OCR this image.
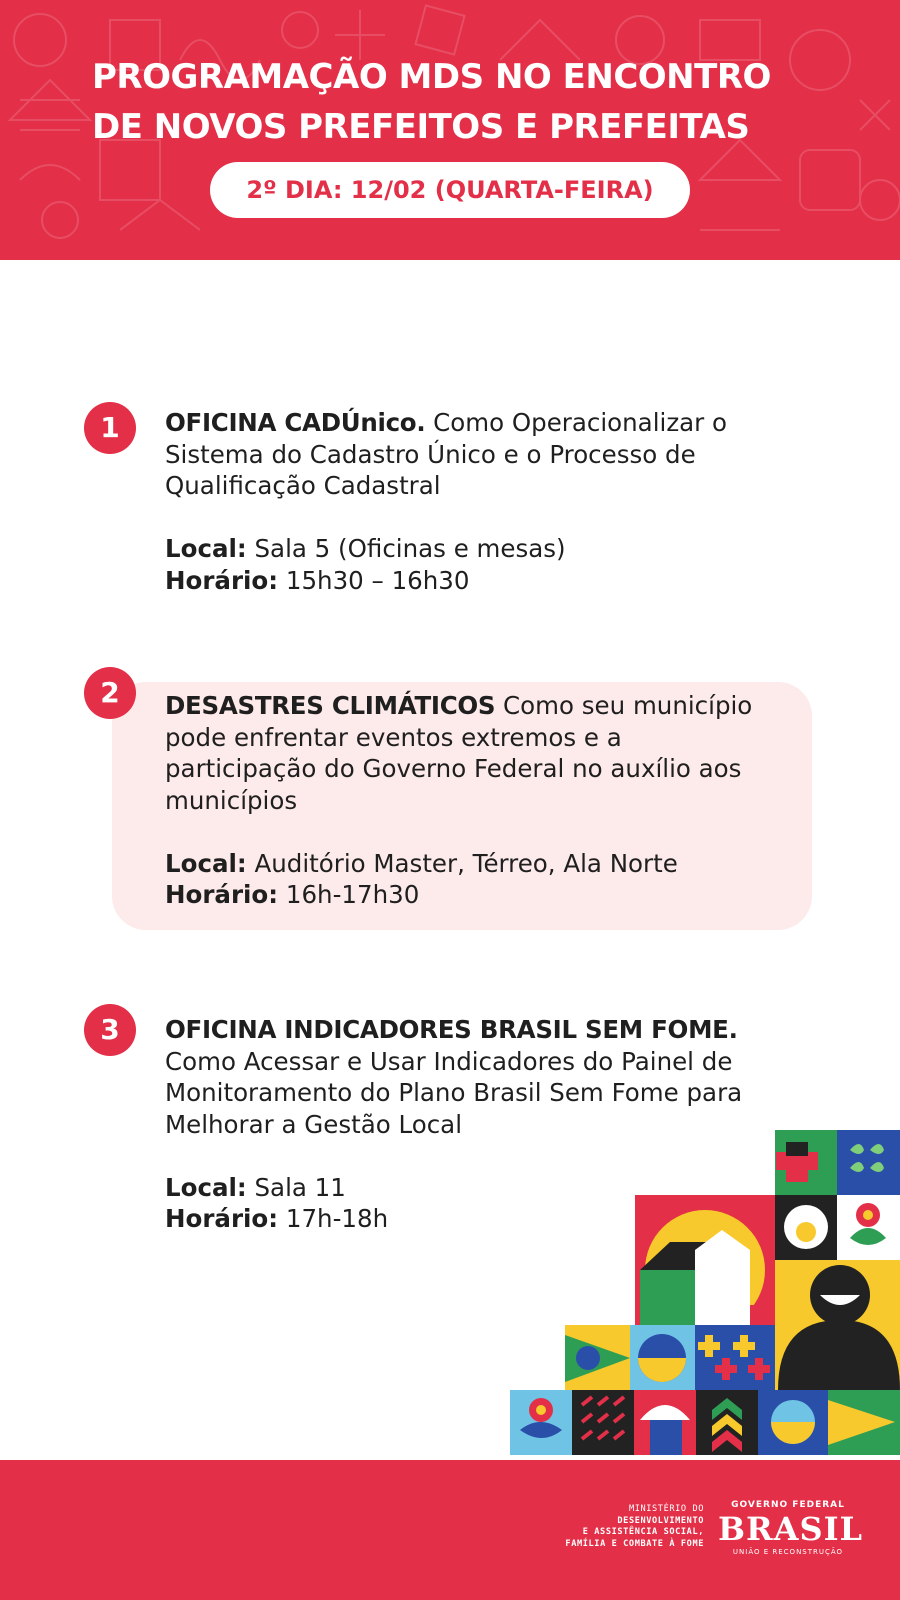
PROGRAMAÇÃO MDS NO ENCONTRO
DE NOVOS PREFEITOS E PREFEITAS
2º DIA: 12/02 (QUARTA-FEIRA)
1	OFICINA CADÚnico. Como Operacionalizar o Sistema do Cadastro Único e o Processo de Qualificação Cadastral
Local: Sala 5 (Oficinas e mesas)
Horário: 15h30 – 16h30
2	DESASTRES CLIMÁTICOS Como seu município pode enfrentar eventos extremos e a participação do Governo Federal no auxílio aos municípios
Local: Auditório Master, Térreo, Ala Norte
Horário: 16h-17h30
3	OFICINA INDICADORES BRASIL SEM FOME. Como Acessar e Usar Indicadores do Painel de Monitoramento do Plano Brasil Sem Fome para Melhorar a Gestão Local
Local: Sala 11
Horário: 17h-18h
MINISTÉRIO DO
DESENVOLVIMENTO
E ASSISTÊNCIA SOCIAL,
FAMÍLIA E COMBATE À FOME
GOVERNO FEDERAL
BRASIL
UNIÃO E RECONSTRUÇÃO
